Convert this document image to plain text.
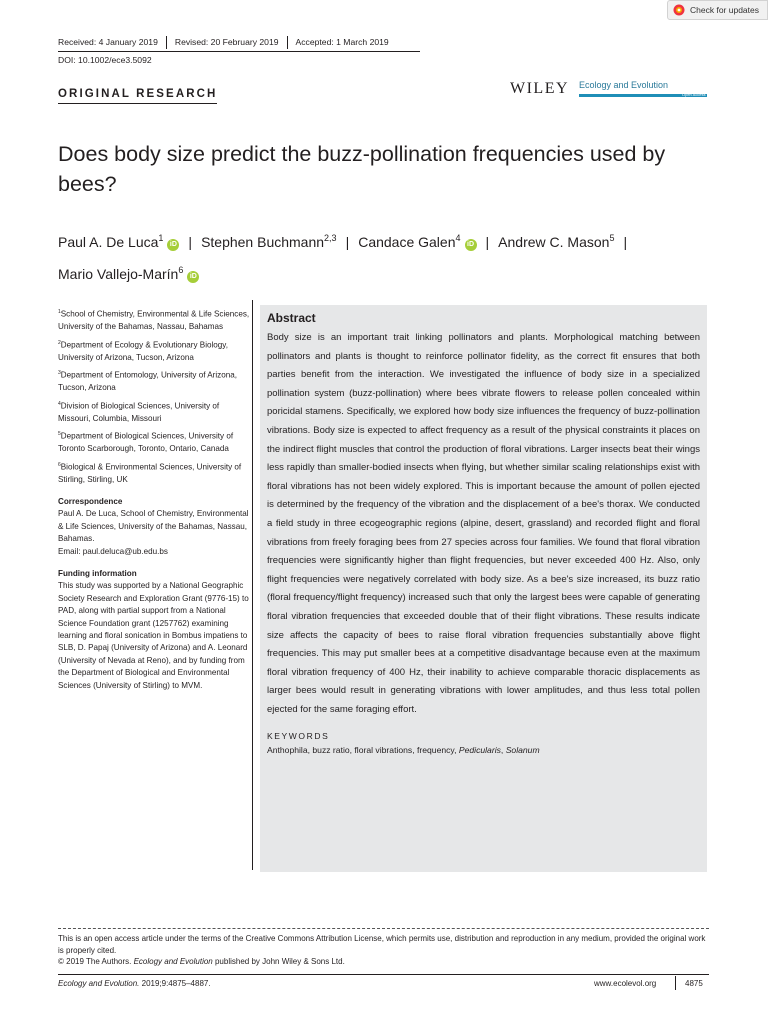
Check for updates
Received: 4 January 2019	Revised: 20 February 2019	Accepted: 1 March 2019
DOI: 10.1002/ece3.5092
ORIGINAL RESEARCH	WILEY Ecology and Evolution
Open Access
Does body size predict the buzz-pollination frequencies used by bees?
Paul A. De Luca$^1$iD | Stephen Buchmann$^{2,3}$ | Candace Galen$^4$iD | Andrew C. Mason$^5$ |
Mario Vallejo-Marín$^6$iD
$^1$School of Chemistry, Environmental & Life Sciences, University of the Bahamas, Nassau, Bahamas
$^2$Department of Ecology & Evolutionary Biology, University of Arizona, Tucson, Arizona
$^3$Department of Entomology, University of Arizona, Tucson, Arizona
$^4$Division of Biological Sciences, University of Missouri, Columbia, Missouri
$^5$Department of Biological Sciences, University of Toronto Scarborough, Toronto, Ontario, Canada
$^6$Biological & Environmental Sciences, University of Stirling, Stirling, UK
Correspondence
Paul A. De Luca, School of Chemistry, Environmental & Life Sciences, University of the Bahamas, Nassau, Bahamas.
Email: paul.deluca@ub.edu.bs
Funding information
This study was supported by a National Geographic Society Research and Exploration Grant (9776-15) to PAD, along with partial support from a National Science Foundation grant (1257762) examining learning and floral sonication in Bombus impatiens to SLB, D. Papaj (University of Arizona) and A. Leonard (University of Nevada at Reno), and by funding from the Department of Biological and Environmental Sciences (University of Stirling) to MVM.
Abstract

Body size is an important trait linking pollinators and plants. Morphological matching between pollinators and plants is thought to reinforce pollinator fidelity, as the correct fit ensures that both parties benefit from the interaction. We investigated the influence of body size in a specialized pollination system (buzz-pollination) where bees vibrate flowers to release pollen concealed within poricidal stamens. Specifically, we explored how body size influences the frequency of buzz-pollination vibrations. Body size is expected to affect frequency as a result of the physical constraints it places on the indirect flight muscles that control the production of floral vibrations. Larger insects beat their wings less rapidly than smaller-bodied insects when flying, but whether similar scaling relationships exist with floral vibrations has not been widely explored. This is important because the amount of pollen ejected is determined by the frequency of the vibration and the displacement of a bee's thorax. We conducted a field study in three ecogeographic regions (alpine, desert, grassland) and recorded flight and floral vibrations from freely foraging bees from 27 species across four families. We found that floral vibration frequencies were significantly higher than flight frequencies, but never exceeded 400 Hz. Also, only flight frequencies were negatively correlated with body size. As a bee's size increased, its buzz ratio (floral frequency/flight frequency) increased such that only the largest bees were capable of generating floral vibration frequencies that exceeded double that of their flight vibrations. These results indicate size affects the capacity of bees to raise floral vibration frequencies substantially above flight frequencies. This may put smaller bees at a competitive disadvantage because even at the maximum floral vibration frequency of 400 Hz, their inability to achieve comparable thoracic displacements as larger bees would result in generating vibrations with lower amplitudes, and thus less total pollen ejected for the same foraging effort.

KEYWORDS
Anthophila, buzz ratio, floral vibrations, frequency, Pedicularis, Solanum
This is an open access article under the terms of the Creative Commons Attribution License, which permits use, distribution and reproduction in any medium, provided the original work is properly cited.
© 2019 The Authors. Ecology and Evolution published by John Wiley & Sons Ltd.
Ecology and Evolution. 2019;9:4875–4887.	www.ecolevol.org	4875
